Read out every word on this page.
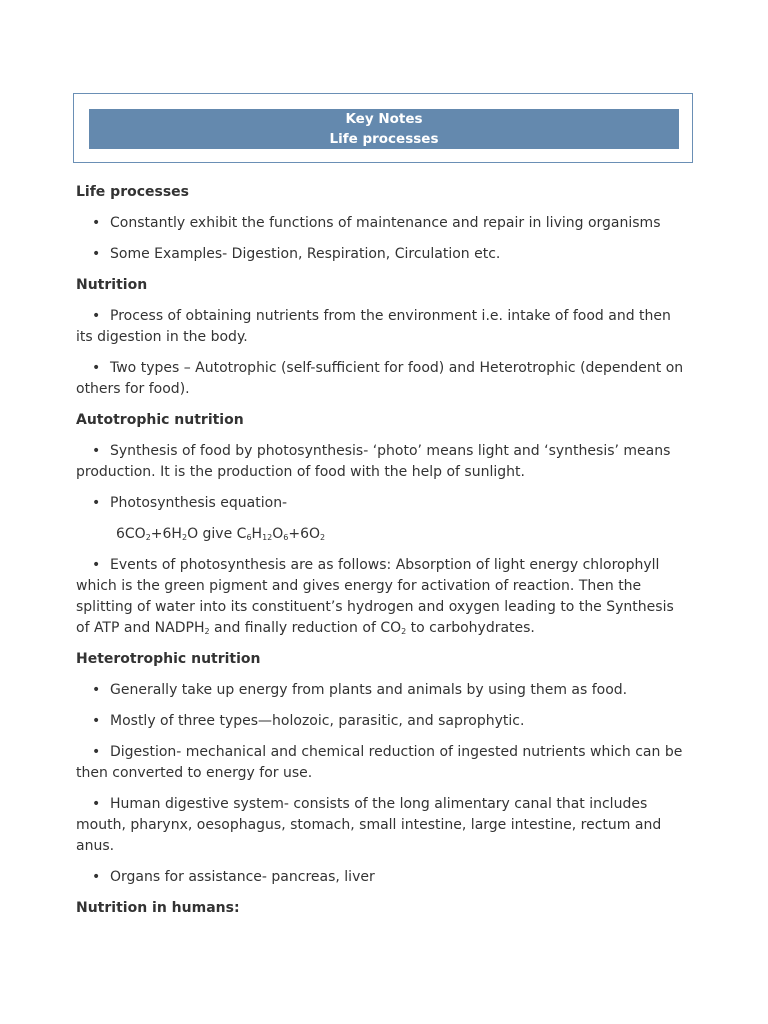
Key Notes
Life processes
Life processes
• Constantly exhibit the functions of maintenance and repair in living organisms
• Some Examples- Digestion, Respiration, Circulation etc.
Nutrition
• Process of obtaining nutrients from the environment i.e. intake of food and then its digestion in the body.
• Two types – Autotrophic (self-sufficient for food) and Heterotrophic (dependent on others for food).
Autotrophic nutrition
• Synthesis of food by photosynthesis- ‘photo’ means light and ‘synthesis’ means production. It is the production of food with the help of sunlight.
• Photosynthesis equation-
$6CO_2+6H_2O$ give $C_6H_{12}O_6+6O_2$
• Events of photosynthesis are as follows: Absorption of light energy chlorophyll which is the green pigment and gives energy for activation of reaction. Then the splitting of water into its constituent’s hydrogen and oxygen leading to the Synthesis of ATP and $NADPH_2$ and finally reduction of $CO_2$ to carbohydrates.
Heterotrophic nutrition
• Generally take up energy from plants and animals by using them as food.
• Mostly of three types—holozoic, parasitic, and saprophytic.
• Digestion- mechanical and chemical reduction of ingested nutrients which can be then converted to energy for use.
• Human digestive system- consists of the long alimentary canal that includes mouth, pharynx, oesophagus, stomach, small intestine, large intestine, rectum and anus.
• Organs for assistance- pancreas, liver
Nutrition in humans:
